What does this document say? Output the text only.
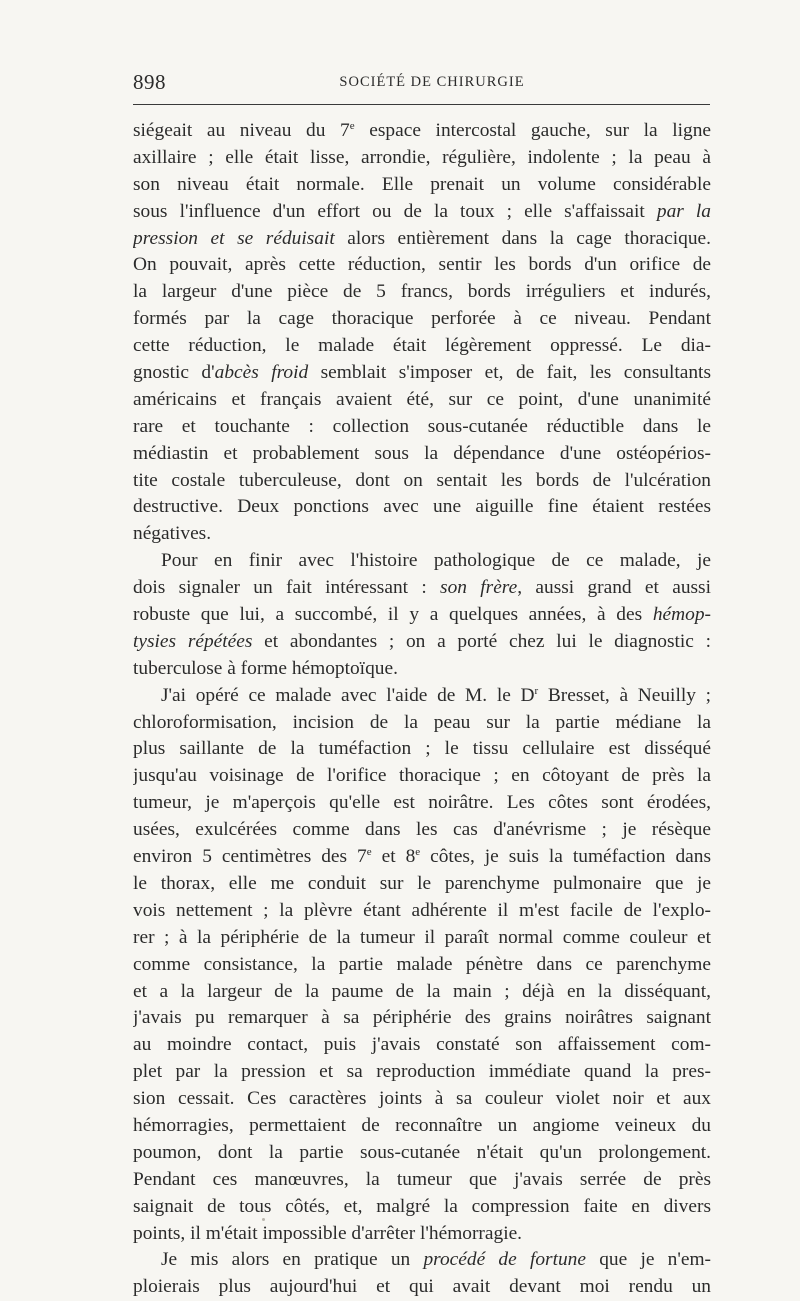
898	SOCIÉTÉ DE CHIRURGIE
siégeait au niveau du 7e espace intercostal gauche, sur la ligne
axillaire ; elle était lisse, arrondie, régulière, indolente ; la peau à
son niveau était normale. Elle prenait un volume considérable
sous l'influence d'un effort ou de la toux ; elle s'affaissait par la
pression et se réduisait alors entièrement dans la cage thoracique.
On pouvait, après cette réduction, sentir les bords d'un orifice de
la largeur d'une pièce de 5 francs, bords irréguliers et indurés,
formés par la cage thoracique perforée à ce niveau. Pendant
cette réduction, le malade était légèrement oppressé. Le dia-
gnostic d'abcès froid semblait s'imposer et, de fait, les consultants
américains et français avaient été, sur ce point, d'une unanimité
rare et touchante : collection sous-cutanée réductible dans le
médiastin et probablement sous la dépendance d'une ostéopérios-
tite costale tuberculeuse, dont on sentait les bords de l'ulcération
destructive. Deux ponctions avec une aiguille fine étaient restées
négatives.
Pour en finir avec l'histoire pathologique de ce malade, je
dois signaler un fait intéressant : son frère, aussi grand et aussi
robuste que lui, a succombé, il y a quelques années, à des hémop-
tysies répétées et abondantes ; on a porté chez lui le diagnostic :
tuberculose à forme hémoptoïque.
J'ai opéré ce malade avec l'aide de M. le $D^r$ Bresset, à Neuilly ;
chloroformisation, incision de la peau sur la partie médiane la
plus saillante de la tuméfaction ; le tissu cellulaire est disséqué
jusqu'au voisinage de l'orifice thoracique ; en côtoyant de près la
tumeur, je m'aperçois qu'elle est noirâtre. Les côtes sont érodées,
usées, exulcérées comme dans les cas d'anévrisme ; je résèque
environ 5 centimètres des 7e et 8e côtes, je suis la tuméfaction dans
le thorax, elle me conduit sur le parenchyme pulmonaire que je
vois nettement ; la plèvre étant adhérente il m'est facile de l'explo-
rer ; à la périphérie de la tumeur il paraît normal comme couleur et
comme consistance, la partie malade pénètre dans ce parenchyme
et a la largeur de la paume de la main ; déjà en la disséquant,
j'avais pu remarquer à sa périphérie des grains noirâtres saignant
au moindre contact, puis j'avais constaté son affaissement com-
plet par la pression et sa reproduction immédiate quand la pres-
sion cessait. Ces caractères joints à sa couleur violet noir et aux
hémorragies, permettaient de reconnaître un angiome veineux du
poumon, dont la partie sous-cutanée n'était qu'un prolongement.
Pendant ces manœuvres, la tumeur que j'avais serrée de près
saignait de tous côtés, et, malgré la compression faite en divers
points, il m'était impossible d'arrêter l'hémorragie.
Je mis alors en pratique un procédé de fortune que je n'em-
ploierais plus aujourd'hui et qui avait devant moi rendu un
